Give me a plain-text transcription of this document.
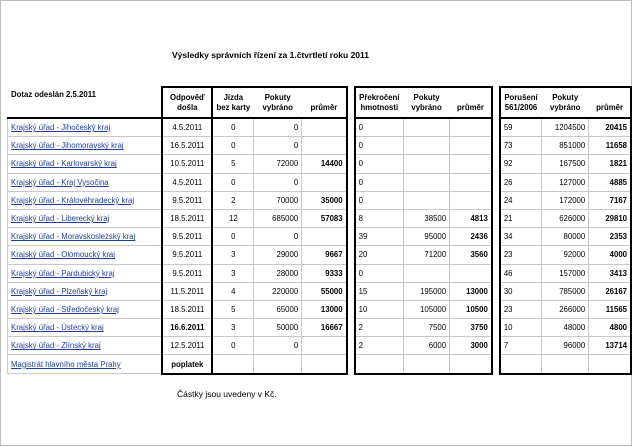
Výsledky správních řízení za 1.čtvrtletí roku 2011
Dotaz odeslán 2.5.2011	Odpověď	Jízda	Pokuty			Překročení	Pokuty			Porušení	Pokuty	
	došla	bez karty	vybráno	průměr		hmotnosti	vybráno	průměr		561/2006	vybráno	průměr
Krajský úřad - Jihočeský kraj	4.5.2011	0	0			0				59	1204500	20415
Krajský úřad - Jihomoravský kraj	16.5.2011	0	0			0				73	851000	11658
Krajský úřad - Karlovarský kraj	10.5.2011	5	72000	14400		0				92	167500	1821
Krajský úřad - Kraj Vysočina	4.5.2011	0	0			0				26	127000	4885
Krajský úřad - Královéhradecký kraj	9.5.2011	2	70000	35000		0				24	172000	7167
Krajský úřad - Liberecký kraj	18.5.2011	12	685000	57083		8	38500	4813		21	626000	29810
Krajský úřad - Moravskoslezský kraj	9.5.2011	0	0			39	95000	2436		34	80000	2353
Krajský úřad - Olomoucký kraj	9.5.2011	3	29000	9667		20	71200	3560		23	92000	4000
Krajský úřad - Pardubický kraj	9.5.2011	3	28000	9333		0				46	157000	3413
Krajský úřad - Plzeňský kraj	11.5.2011	4	220000	55000		15	195000	13000		30	785000	26167
Krajský úřad - Středočeský kraj	18.5.2011	5	65000	13000		10	105000	10500		23	266000	11565
Krajský úřad - Ústecký kraj	16.6.2011	3	50000	16667		2	7500	3750		10	48000	4800
Krajský úřad - Zlínský kraj	12.5.2011	0	0			2	6000	3000		7	96000	13714
Magistrát hlavního města Prahy	poplatek											
Částky jsou uvedeny v Kč.
